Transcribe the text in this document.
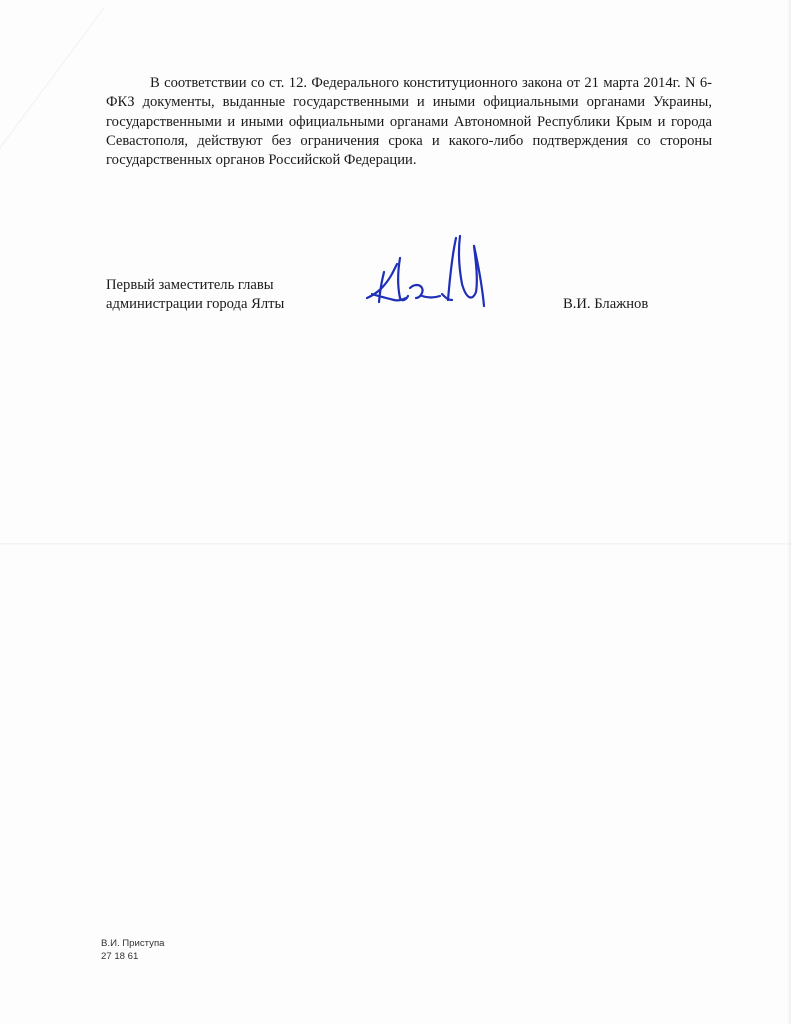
В соответствии со ст. 12. Федерального конституционного закона от 21 марта 2014г. N 6-ФКЗ документы, выданные государственными и иными официальными органами Украины, государственными и иными официальными органами Автономной Республики Крым и города Севастополя, действуют без ограничения срока и какого-либо подтверждения со стороны государственных органов Российской Федерации.

Первый заместитель главы
администрации города Ялты	В.И. Блажнов
В.И. Приступа
27 18 61
